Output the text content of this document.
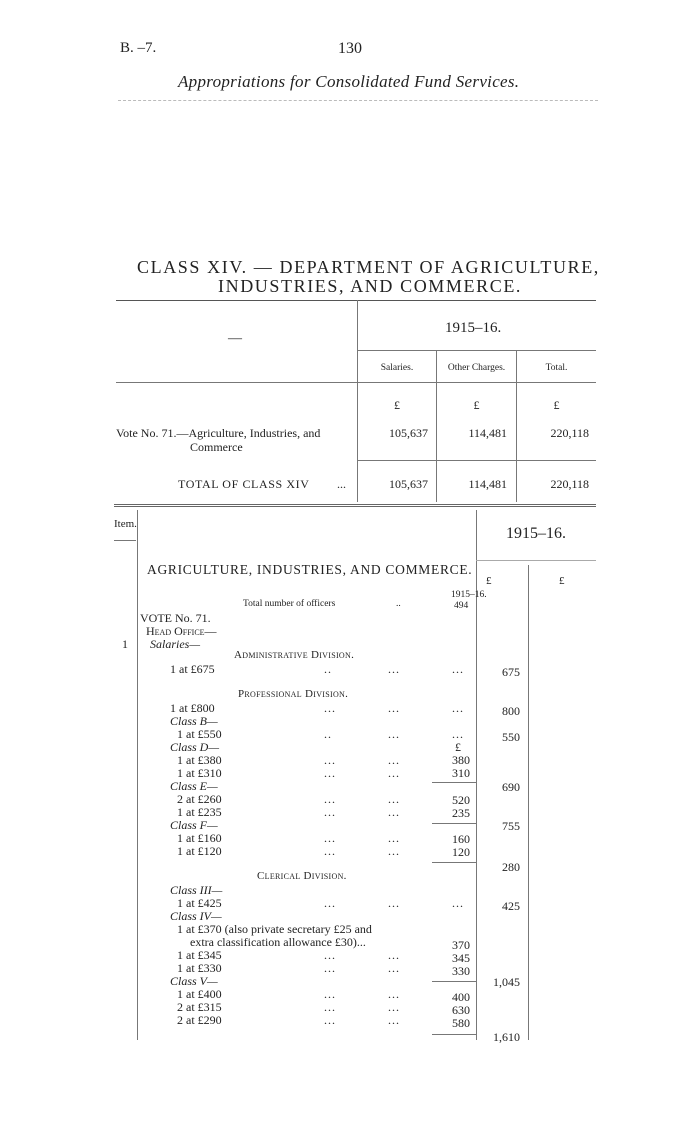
B. –7.	130
Appropriations for Consolidated Fund Services.
CLASS XIV. — DEPARTMENT OF AGRICULTURE,
INDUSTRIES, AND COMMERCE.
—
1915–16.
Salaries.	Other Charges.	Total.
£	£	£
Vote No. 71.—Agriculture, Industries, and
Commerce
105,637	114,481	220,118
TOTAL OF CLASS XIV ...	105,637	114,481	220,118
Item.
1915–16.
£	£
AGRICULTURE, INDUSTRIES, AND COMMERCE.
1915–16.
Total number of officers	..	494
VOTE No. 71.
Head Office—
1 Salaries—
Administrative Division.
1 at £675	..	...	...	675
Professional Division.
1 at £800	...	...	...	800
Class B—
1 at £550	..	...	...	550
Class D—	£
1 at £380	...	...	380
1 at £310	...	...	310
690
Class E—
2 at £260	...	...	520
1 at £235	...	...	235
755
Class F—
1 at £160	...	...	160
1 at £120	...	...	120
280
Clerical Division.
Class III—
1 at £425	...	...	...	425
Class IV—
1 at £370 (also private secretary £25 and
extra classification allowance £30)...	370
1 at £345	...	...	345
1 at £330	...	...	330
1,045
Class V—
1 at £400	...	...	400
2 at £315	...	...	630
2 at £290	...	...	580
1,610
